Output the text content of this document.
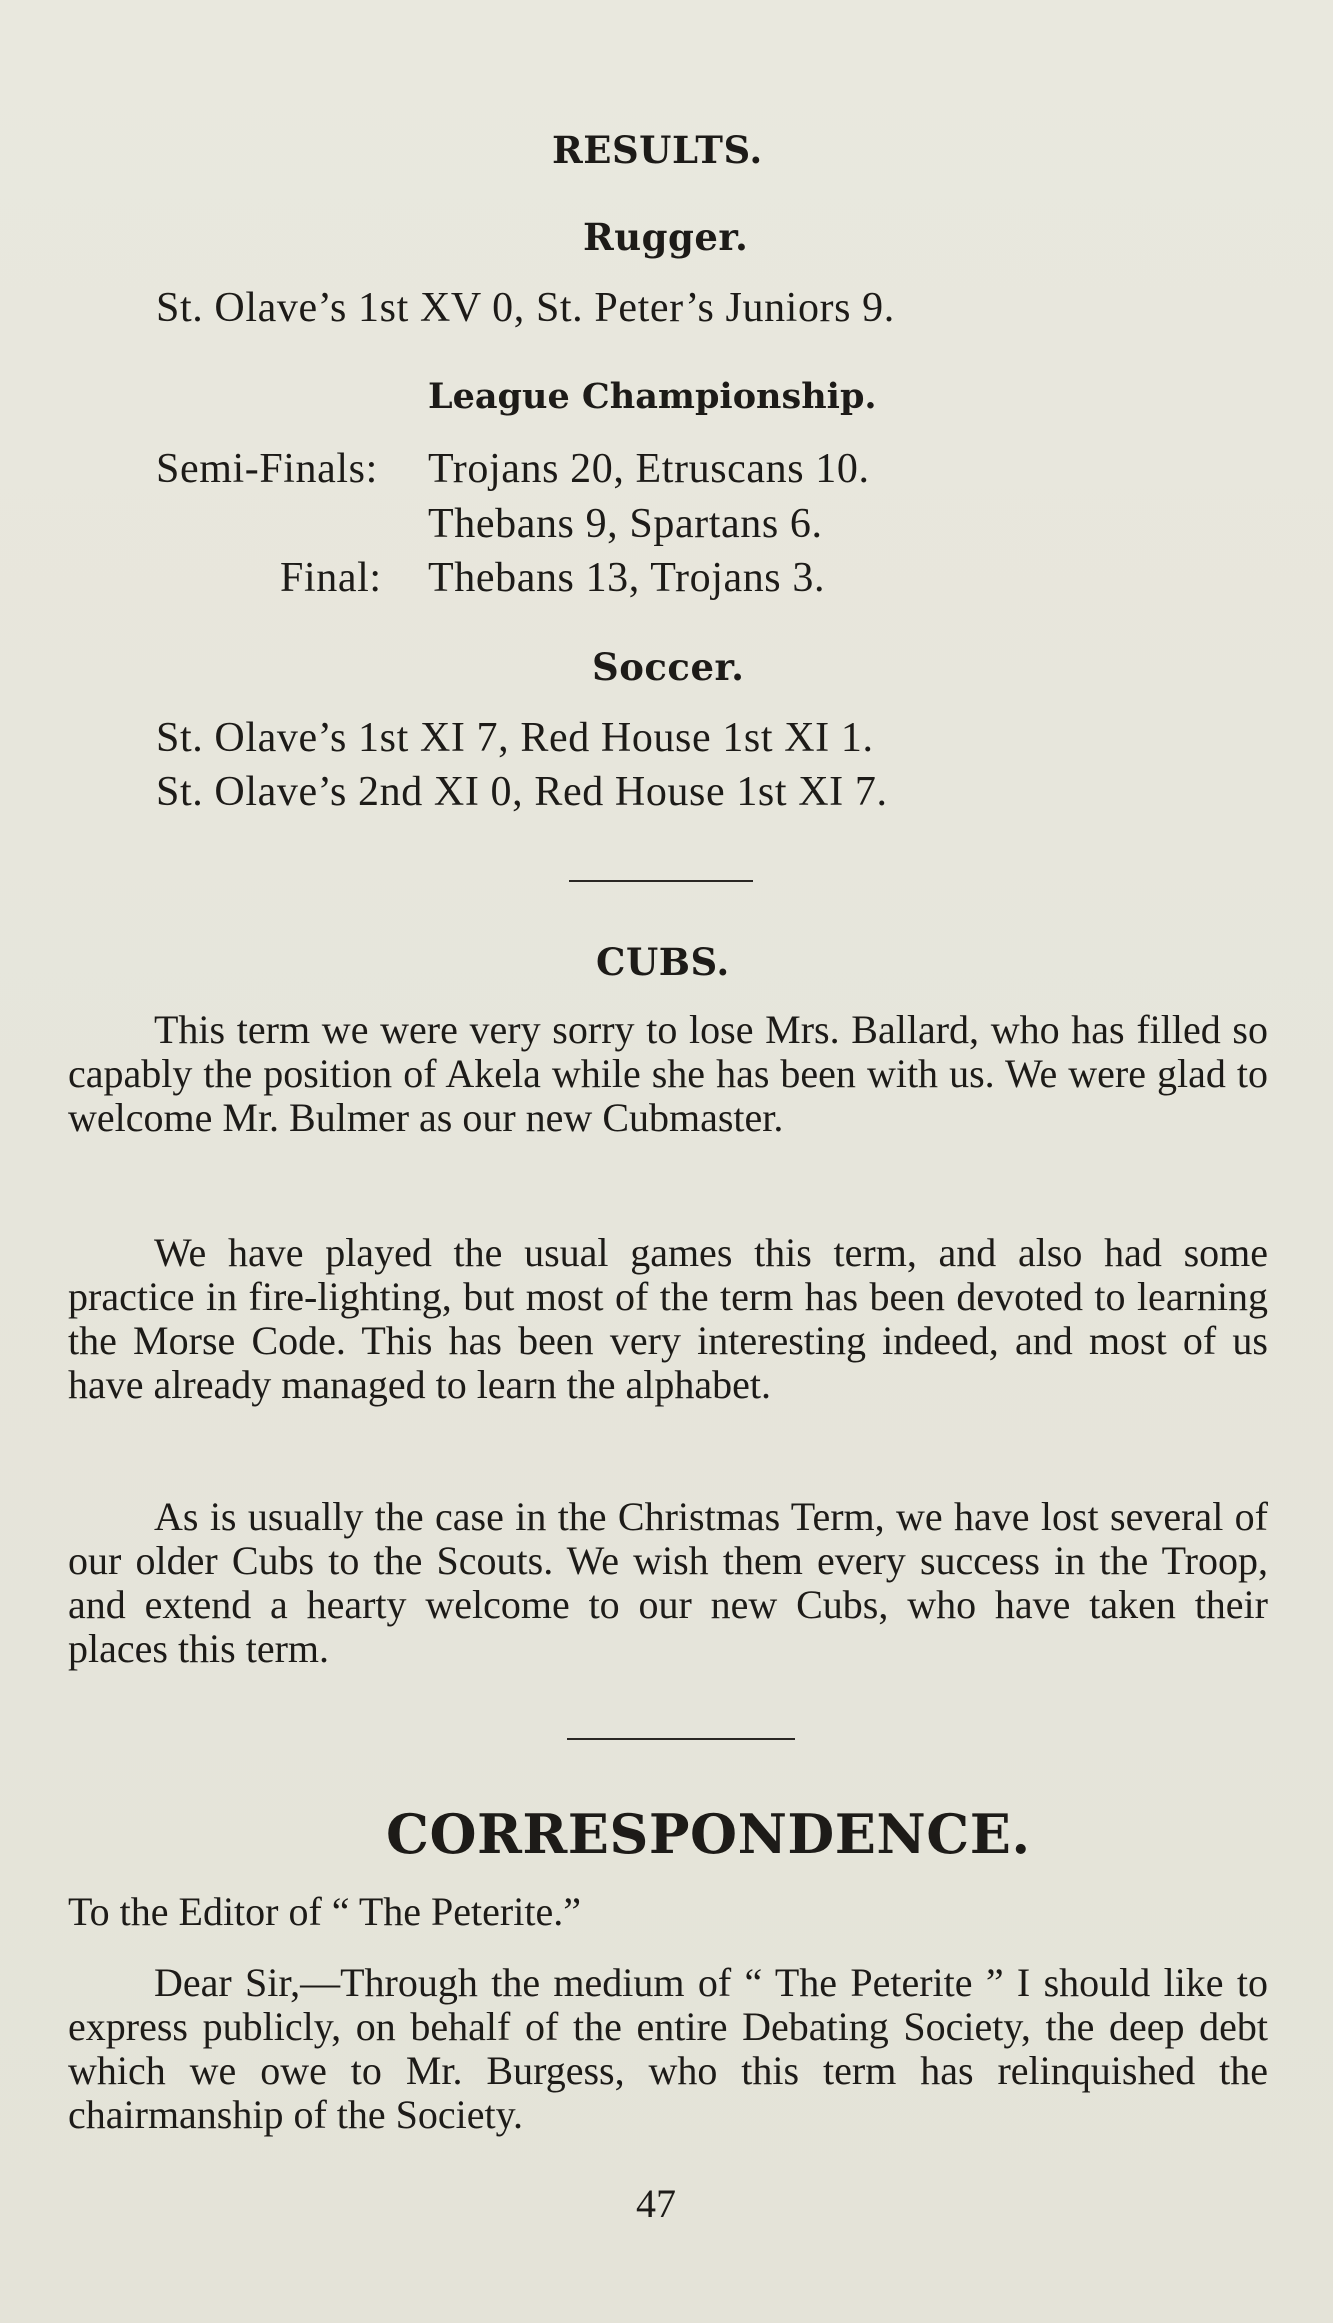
RESULTS.
Rugger.
St. Olave’s 1st XV 0, St. Peter’s Juniors 9.
League Championship.
Semi-Finals: Trojans 20, Etruscans 10.
Thebans 9, Spartans 6.
Final: Thebans 13, Trojans 3.
Soccer.
St. Olave’s 1st XI 7, Red House 1st XI 1.
St. Olave’s 2nd XI 0, Red House 1st XI 7.
CUBS.
This term we were very sorry to lose Mrs. Ballard, who has filled so capably the position of Akela while she has been with us. We were glad to welcome Mr. Bulmer as our new Cubmaster.
We have played the usual games this term, and also had some practice in fire-lighting, but most of the term has been devoted to learning the Morse Code. This has been very interesting indeed, and most of us have already managed to learn the alphabet.
As is usually the case in the Christmas Term, we have lost several of our older Cubs to the Scouts. We wish them every success in the Troop, and extend a hearty welcome to our new Cubs, who have taken their places this term.
CORRESPONDENCE.
To the Editor of “ The Peterite.”
Dear Sir,—Through the medium of “ The Peterite ” I should like to express publicly, on behalf of the entire Debating Society, the deep debt which we owe to Mr. Burgess, who this term has relinquished the chairmanship of the Society.
47
